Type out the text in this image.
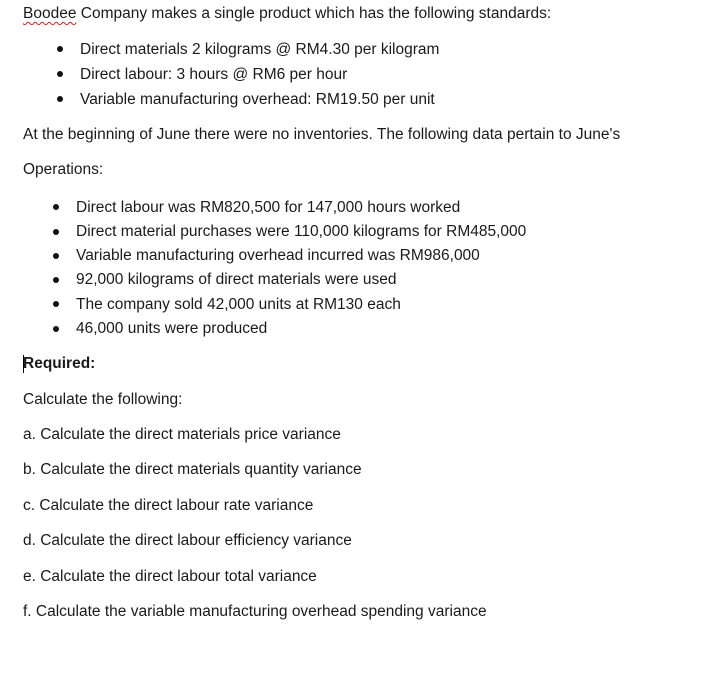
Boodee Company makes a single product which has the following standards:
Direct materials 2 kilograms @ RM4.30 per kilogram
Direct labour: 3 hours @ RM6 per hour
Variable manufacturing overhead: RM19.50 per unit
At the beginning of June there were no inventories. The following data pertain to June's
Operations:
Direct labour was RM820,500 for 147,000 hours worked
Direct material purchases were 110,000 kilograms for RM485,000
Variable manufacturing overhead incurred was RM986,000
92,000 kilograms of direct materials were used
The company sold 42,000 units at RM130 each
46,000 units were produced
Required:
Calculate the following:
a. Calculate the direct materials price variance
b. Calculate the direct materials quantity variance
c. Calculate the direct labour rate variance
d. Calculate the direct labour efficiency variance
e. Calculate the direct labour total variance
f. Calculate the variable manufacturing overhead spending variance
